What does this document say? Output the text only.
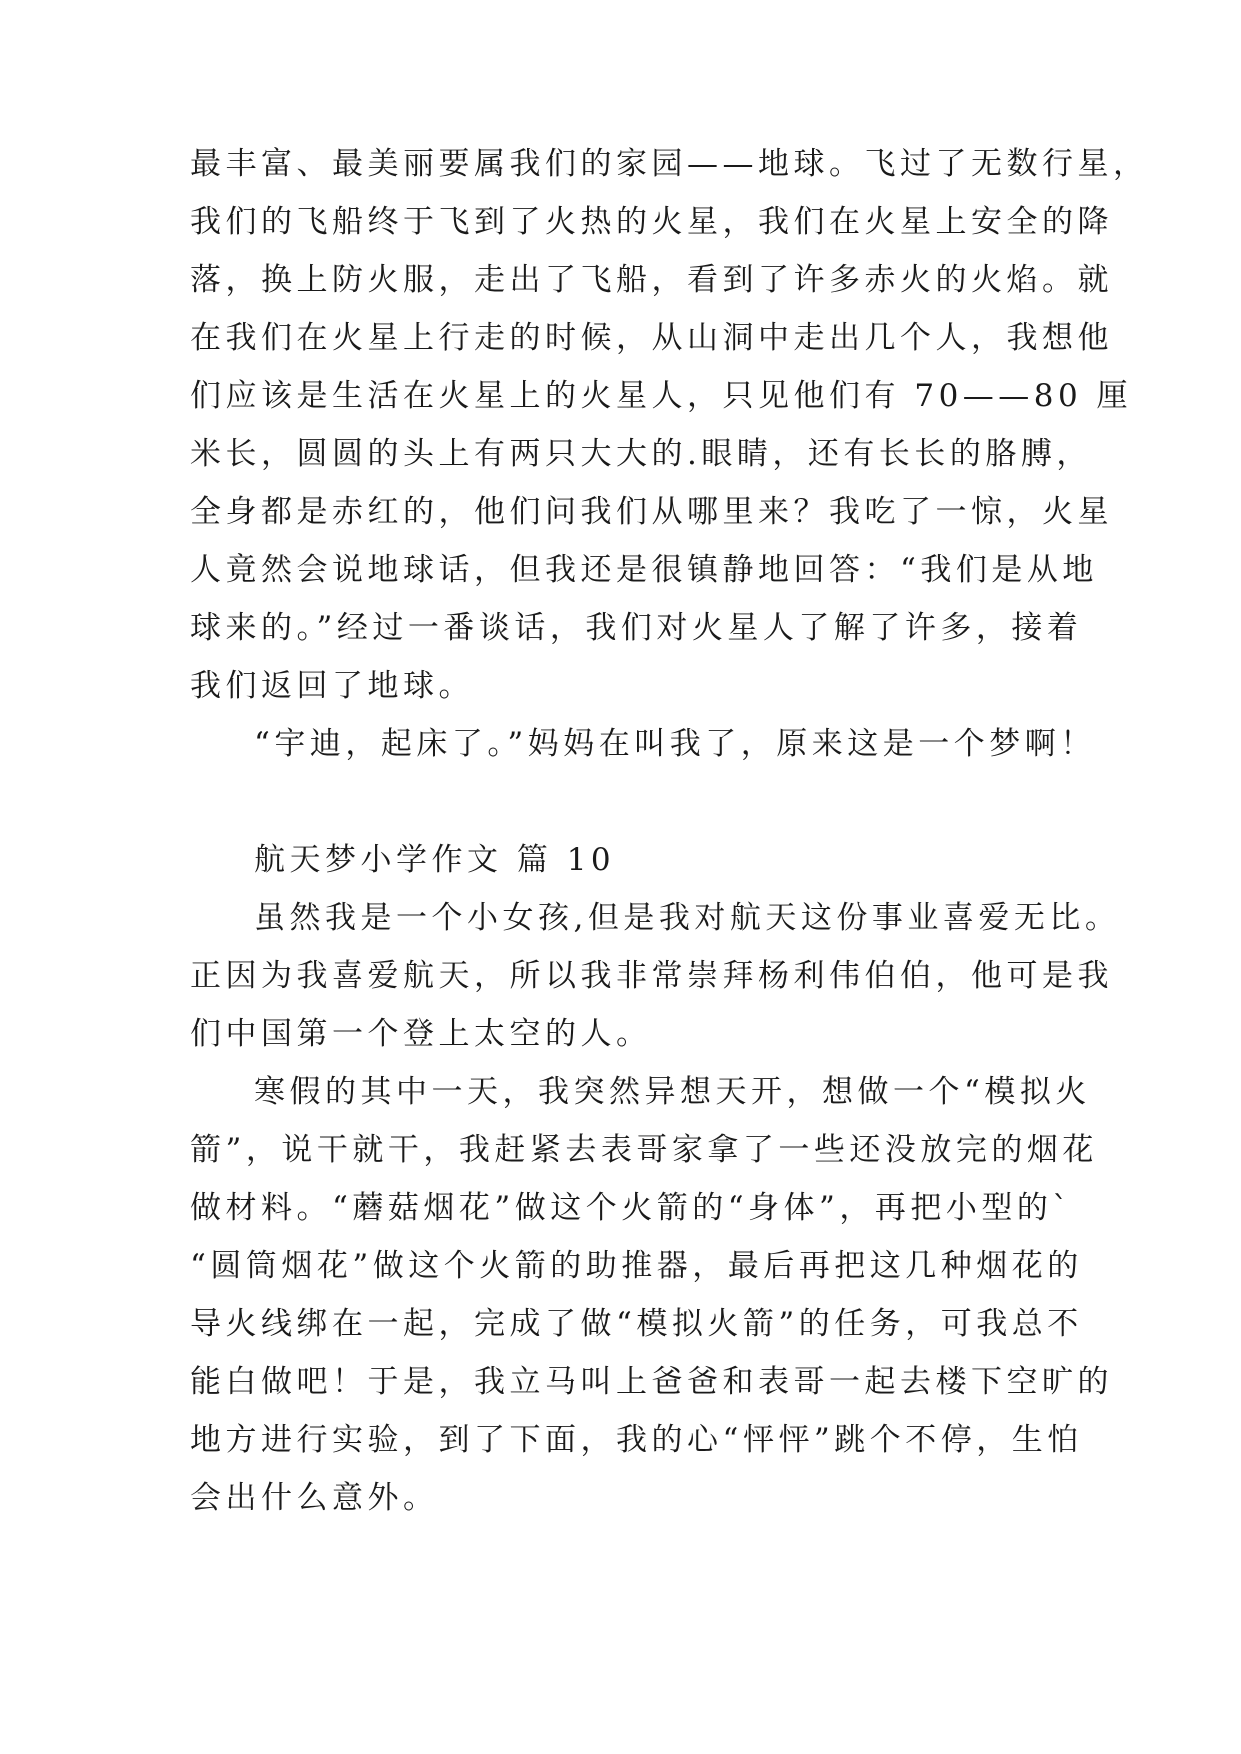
最丰富、最美丽要属我们的家园——地球。飞过了无数行星，
我们的飞船终于飞到了火热的火星，我们在火星上安全的降
落，换上防火服，走出了飞船，看到了许多赤火的火焰。就
在我们在火星上行走的时候，从山洞中走出几个人，我想他
们应该是生活在火星上的火星人，只见他们有 70——80 厘
米长，圆圆的头上有两只大大的.眼睛，还有长长的胳膊，
全身都是赤红的，他们问我们从哪里来？我吃了一惊，火星
人竟然会说地球话，但我还是很镇静地回答：“我们是从地
球来的。”经过一番谈话，我们对火星人了解了许多，接着
我们返回了地球。
“宇迪，起床了。”妈妈在叫我了，原来这是一个梦啊！
航天梦小学作文 篇 10
虽然我是一个小女孩,但是我对航天这份事业喜爱无比。
正因为我喜爱航天，所以我非常崇拜杨利伟伯伯，他可是我
们中国第一个登上太空的人。
寒假的其中一天，我突然异想天开，想做一个“模拟火
箭”，说干就干，我赶紧去表哥家拿了一些还没放完的烟花
做材料。“蘑菇烟花”做这个火箭的“身体”，再把小型的`
“圆筒烟花”做这个火箭的助推器，最后再把这几种烟花的
导火线绑在一起，完成了做“模拟火箭”的任务，可我总不
能白做吧！于是，我立马叫上爸爸和表哥一起去楼下空旷的
地方进行实验，到了下面，我的心“怦怦”跳个不停，生怕
会出什么意外。
